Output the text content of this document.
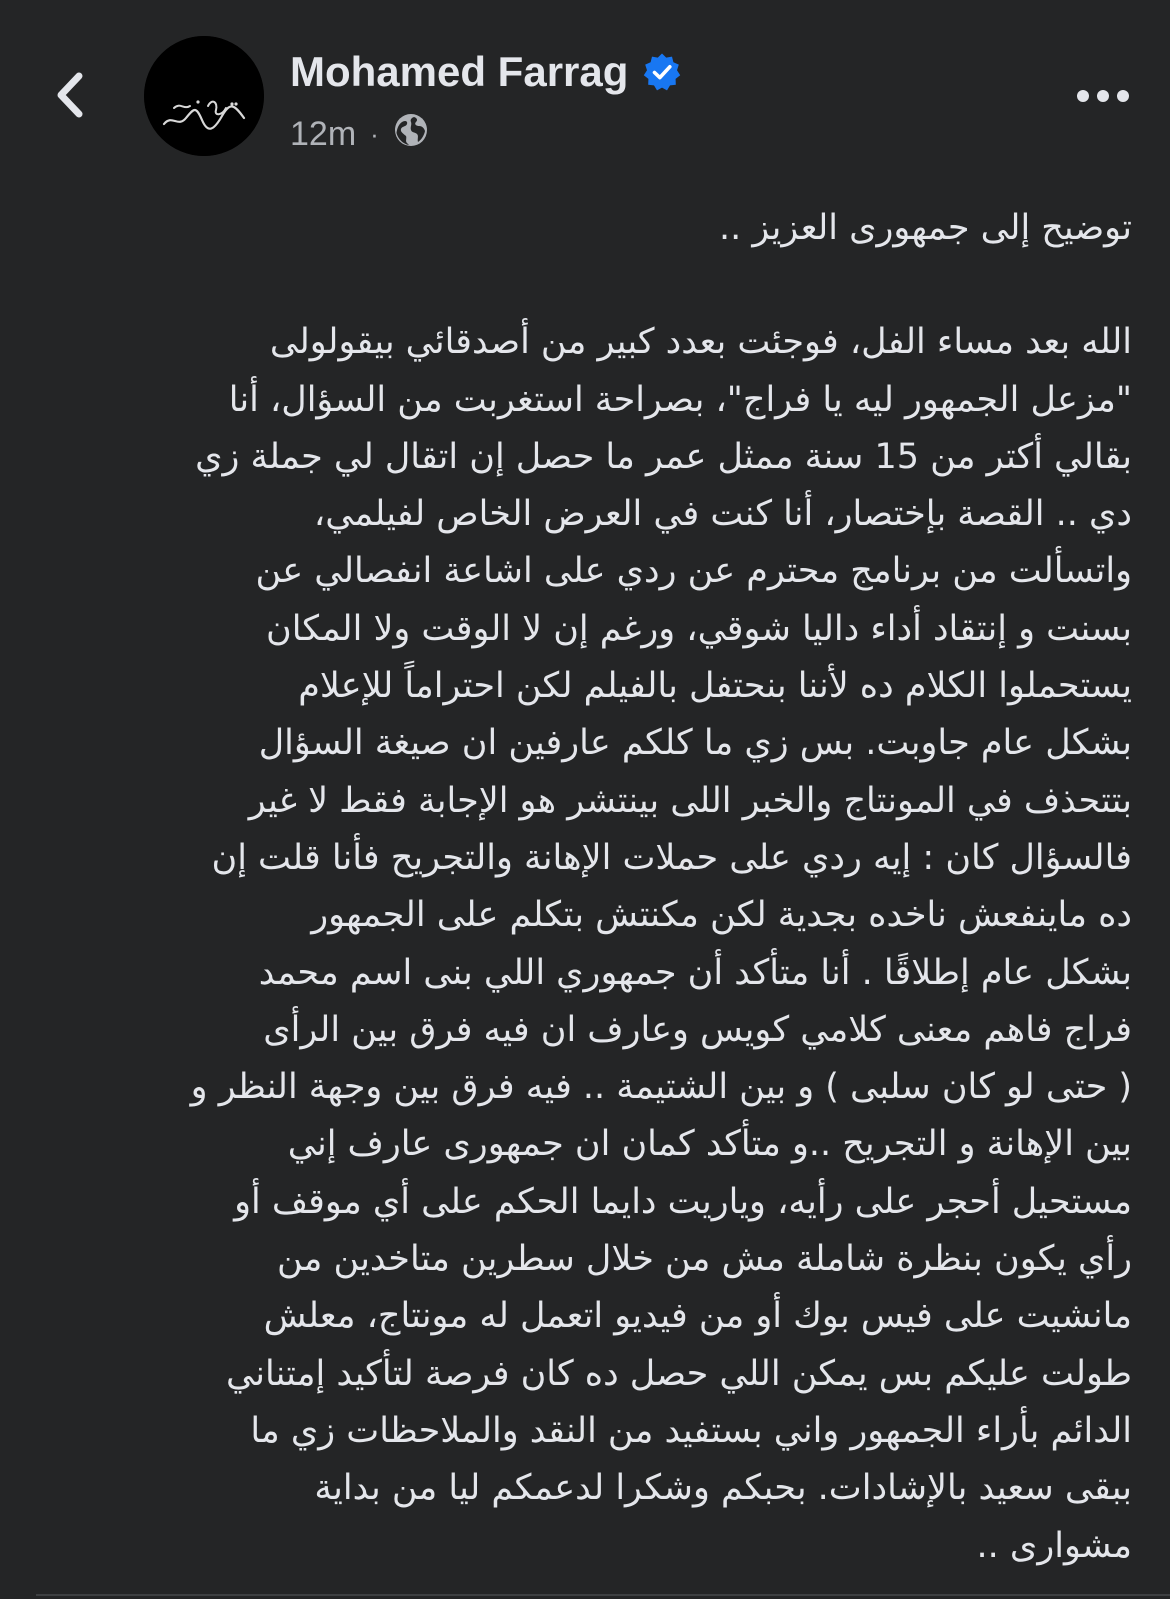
Mohamed Farrag
12m ·

توضيح إلى جمهورى العزيز ..

الله بعد مساء الفل، فوجئت بعدد كبير من أصدقائي بيقولولى

"مزعل الجمهور ليه يا فراج"، بصراحة استغربت من السؤال، أنا

بقالي أكتر من 15 سنة ممثل عمر ما حصل إن اتقال لي جملة زي

دي .. القصة بإختصار، أنا كنت في العرض الخاص لفيلمي،

واتسألت من برنامج محترم عن ردي على اشاعة انفصالي عن

بسنت و إنتقاد أداء داليا شوقي، ورغم إن لا الوقت ولا المكان

يستحملوا الكلام ده لأننا بنحتفل بالفيلم لكن احتراماً للإعلام

بشكل عام جاوبت. بس زي ما كلكم عارفين ان صيغة السؤال

بتتحذف في المونتاج والخبر اللى بينتشر هو الإجابة فقط لا غير

فالسؤال كان : إيه ردي على حملات الإهانة والتجريح فأنا قلت إن

ده ماينفعش ناخده بجدية لكن مكنتش بتكلم على الجمهور

بشكل عام إطلاقًا . أنا متأكد أن جمهوري اللي بنى اسم محمد

فراج فاهم معنى كلامي كويس وعارف ان فيه فرق بين الرأى

( حتى لو كان سلبى ) و بين الشتيمة .. فيه فرق بين وجهة النظر و

بين الإهانة و التجريح ..و متأكد كمان ان جمهورى عارف إني

مستحيل أحجر على رأيه، وياريت دايما الحكم على أي موقف أو

رأي يكون بنظرة شاملة مش من خلال سطرين متاخدين من

مانشيت على فيس بوك أو من فيديو اتعمل له مونتاج، معلش

طولت عليكم بس يمكن اللي حصل ده كان فرصة لتأكيد إمتناني

الدائم بأراء الجمهور واني بستفيد من النقد والملاحظات زي ما

ببقى سعيد بالإشادات. بحبكم وشكرا لدعمكم ليا من بداية

مشوارى ..
